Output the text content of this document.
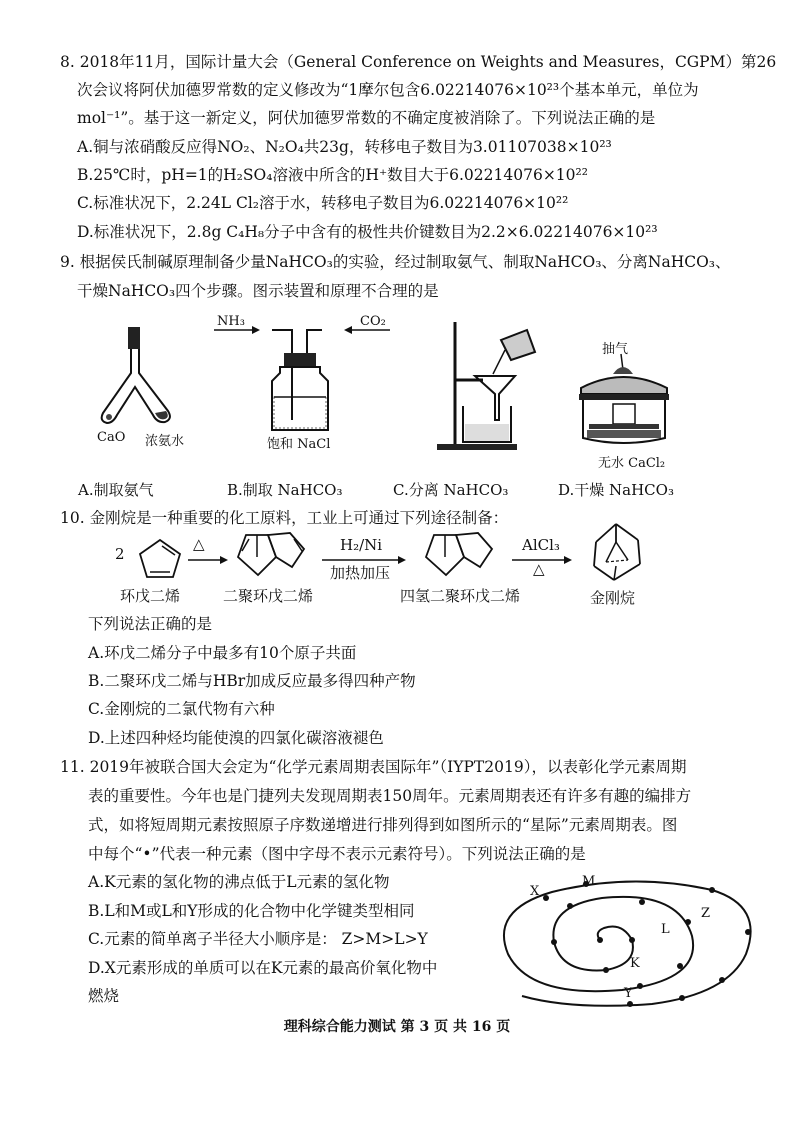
8. 2018年11月，国际计量大会（General Conference on Weights and Measures，CGPM）第26
次会议将阿伏加德罗常数的定义修改为“1摩尔包含6.02214076×10²³个基本单元，单位为
mol⁻¹”。基于这一新定义，阿伏加德罗常数的不确定度被消除了。下列说法正确的是
A.铜与浓硝酸反应得NO₂、N₂O₄共23g，转移电子数目为3.01107038×10²³
B.25℃时，pH=1的H₂SO₄溶液中所含的H⁺数目大于6.02214076×10²²
C.标准状况下，2.24L Cl₂溶于水，转移电子数目为6.02214076×10²²
D.标准状况下，2.8g C₄H₈分子中含有的极性共价键数目为2.2×6.02214076×10²³
9. 根据侯氏制碱原理制备少量NaHCO₃的实验，经过制取氨气、制取NaHCO₃、分离NaHCO₃、
干燥NaHCO₃四个步骤。图示装置和原理不合理的是
CaO 浓氨水
NH₃	CO₂
饱和 NaCl
抽气
无水 CaCl₂
A.制取氨气	B.制取 NaHCO₃	C.分离 NaHCO₃	D.干燥 NaHCO₃
10. 金刚烷是一种重要的化工原料，工业上可通过下列途径制备：
2
△	H₂/Ni
加热加压
AlCl₃
△
环戊二烯	二聚环戊二烯	四氢二聚环戊二烯	金刚烷
下列说法正确的是
A.环戊二烯分子中最多有10个原子共面
B.二聚环戊二烯与HBr加成反应最多得四种产物
C.金刚烷的二氯代物有六种
D.上述四种烃均能使溴的四氯化碳溶液褪色
11. 2019年被联合国大会定为“化学元素周期表国际年”（IYPT2019），以表彰化学元素周期
表的重要性。今年也是门捷列夫发现周期表150周年。元素周期表还有许多有趣的编排方
式，如将短周期元素按照原子序数递增进行排列得到如图所示的“星际”元素周期表。图
中每个“•”代表一种元素（图中字母不表示元素符号）。下列说法正确的是
A.K元素的氢化物的沸点低于L元素的氢化物
B.L和M或L和Y形成的化合物中化学键类型相同
C.元素的简单离子半径大小顺序是： Z>M>L>Y
D.X元素形成的单质可以在K元素的最高价氧化物中
燃烧
X
M
Z
L
K
Y
理科综合能力测试 第 3 页 共 16 页
